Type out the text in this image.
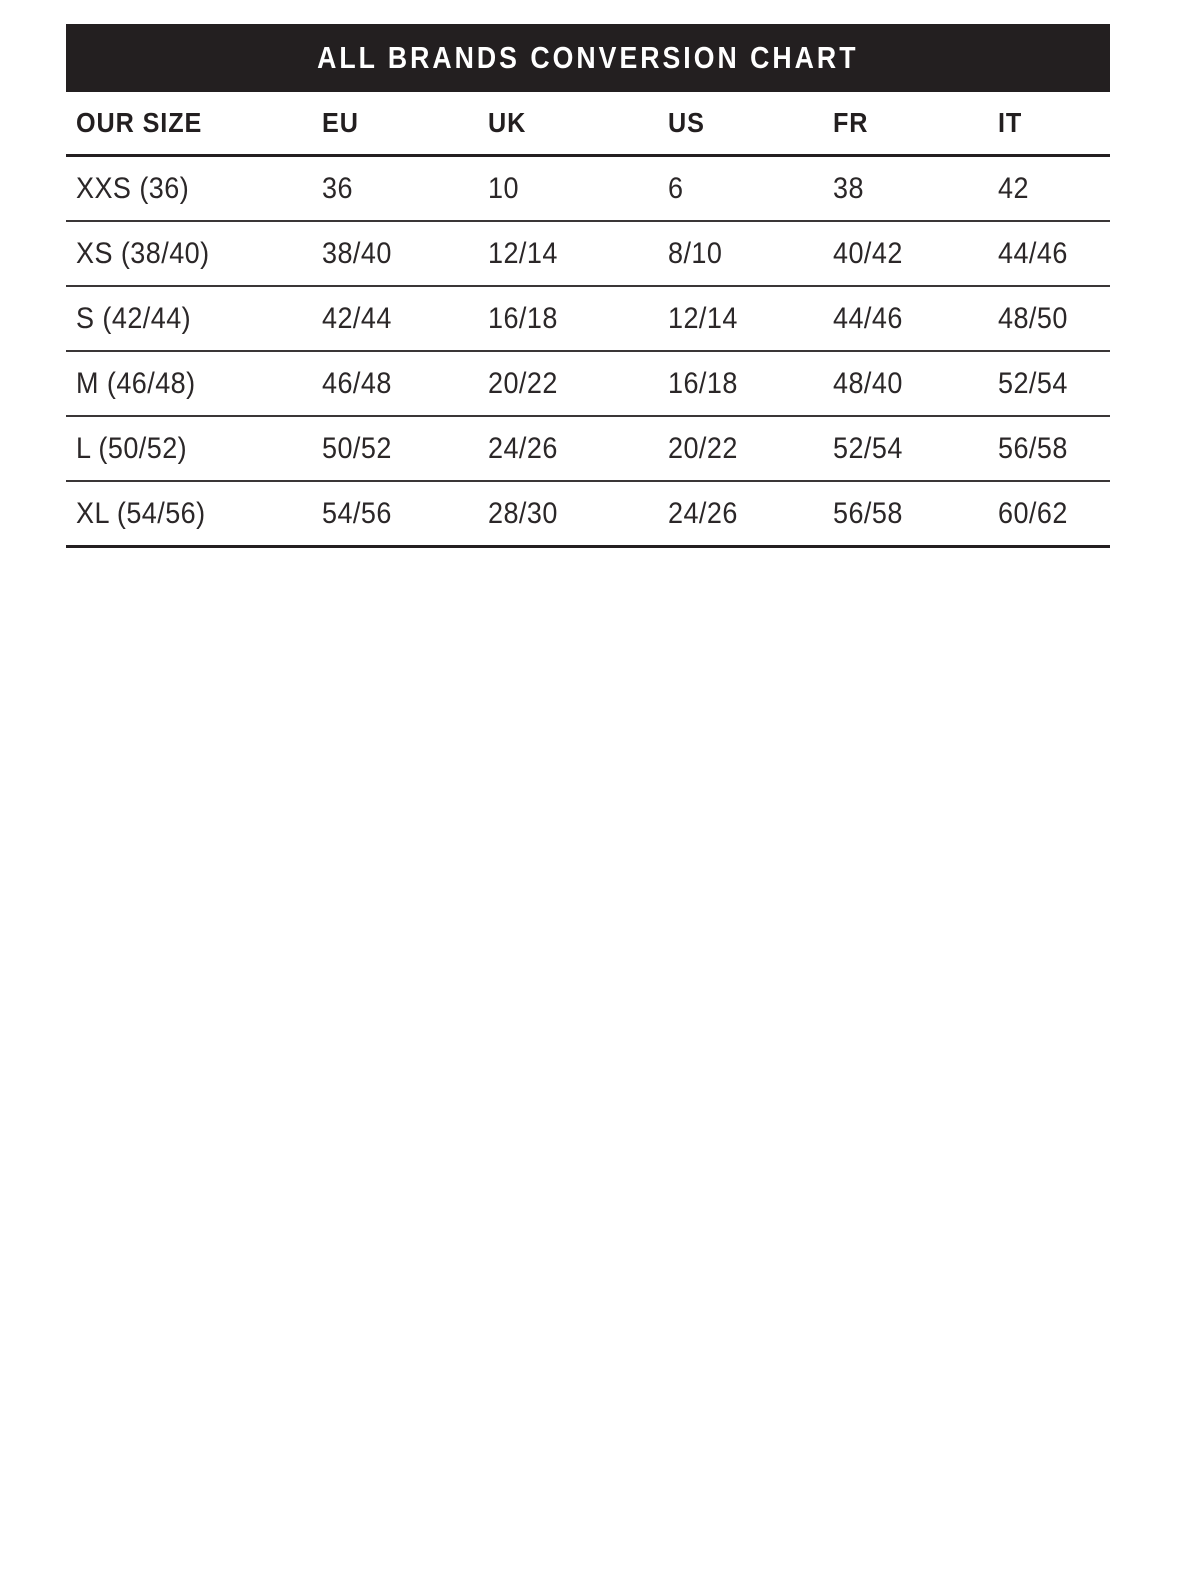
ALL BRANDS CONVERSION CHART
OUR SIZE	EU	UK	US	FR	IT
XXS (36)	36	10	6	38	42
XS (38/40)	38/40	12/14	8/10	40/42	44/46
S (42/44)	42/44	16/18	12/14	44/46	48/50
M (46/48)	46/48	20/22	16/18	48/40	52/54
L (50/52)	50/52	24/26	20/22	52/54	56/58
XL (54/56)	54/56	28/30	24/26	56/58	60/62
